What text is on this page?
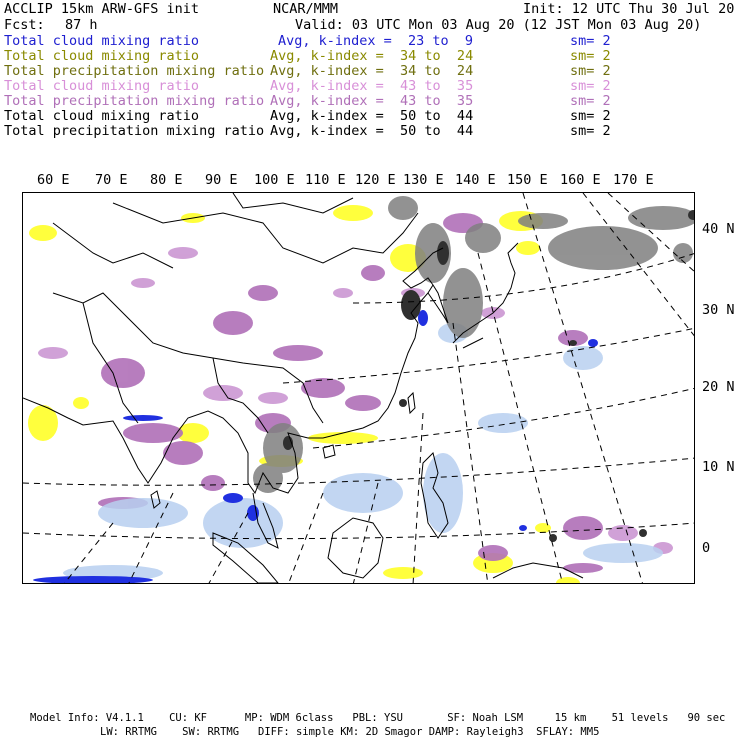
ACCLIP 15km ARW-GFS init	NCAR/MMM	Init: 12 UTC Thu 30 Jul 20
Fcst: 87 h	Valid: 03 UTC Mon 03 Aug 20 (12 JST Mon 03 Aug 20)
Total cloud mixing ratio	Avg, k-index =  23 to  9	sm= 2
Total cloud mixing ratio	Avg, k-index =  34 to  24	sm= 2
Total precipitation mixing ratio Avg, k-index =  34 to  24	sm= 2
Total cloud mixing ratio	Avg, k-index =  43 to  35	sm= 2
Total precipitation mixing ratio Avg, k-index =  43 to  35	sm= 2
Total cloud mixing ratio	Avg, k-index =  50 to  44	sm= 2
Total precipitation mixing ratio Avg, k-index =  50 to  44	sm= 2
60 E 70 E 80 E 90 E 100 E 110 E 120 E 130 E 140 E 150 E 160 E 170 E
40 N
30 N
20 N
10 N
0
Model Info: V4.1.1    CU: KF      MP: WDM 6class   PBL: YSU       SF: Noah LSM     15 km    51 levels   90 sec
LW: RRTMG    SW: RRTMG   DIFF: simple KM: 2D Smagor DAMP: Rayleigh3  SFLAY: MM5
